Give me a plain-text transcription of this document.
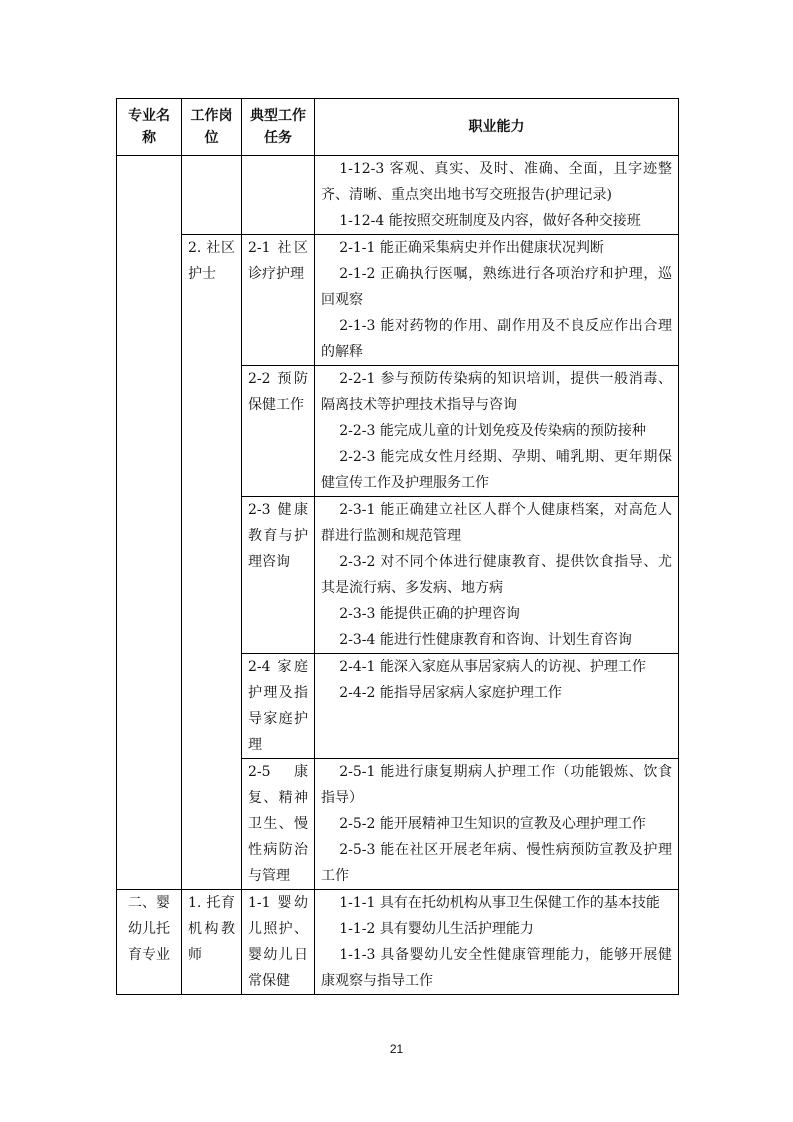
专业名称	工作岗位	典型工作任务	职业能力

			1-12-3 客观、真实、及时、准确、全面，且字迹整齐、清晰、重点突出地书写交班报告(护理记录)
1-12-4 能按照交班制度及内容，做好各种交接班

	2. 社区护士	2-1 社区诊疗护理	2-1-1 能正确采集病史并作出健康状况判断
2-1-2 正确执行医嘱，熟练进行各项治疗和护理，巡回观察
2-1-3 能对药物的作用、副作用及不良反应作出合理的解释

		2-2 预防保健工作	2-2-1 参与预防传染病的知识培训，提供一般消毒、隔离技术等护理技术指导与咨询
2-2-3 能完成儿童的计划免疫及传染病的预防接种
2-2-3 能完成女性月经期、孕期、哺乳期、更年期保健宣传工作及护理服务工作

		2-3 健康教育与护理咨询	2-3-1 能正确建立社区人群个人健康档案，对高危人群进行监测和规范管理
2-3-2 对不同个体进行健康教育、提供饮食指导、尤其是流行病、多发病、地方病
2-3-3 能提供正确的护理咨询
2-3-4 能进行性健康教育和咨询、计划生育咨询

		2-4 家庭护理及指导家庭护理	2-4-1 能深入家庭从事居家病人的访视、护理工作
2-4-2 能指导居家病人家庭护理工作

		2-5 康复、精神卫生、慢性病防治与管理	2-5-1 能进行康复期病人护理工作（功能锻炼、饮食指导）
2-5-2 能开展精神卫生知识的宣教及心理护理工作
2-5-3 能在社区开展老年病、慢性病预防宣教及护理工作

二、婴幼儿托育专业	1. 托育机构教师	1-1 婴幼儿照护、婴幼儿日常保健	1-1-1 具有在托幼机构从事卫生保健工作的基本技能
1-1-2 具有婴幼儿生活护理能力
1-1-3 具备婴幼儿安全性健康管理能力，能够开展健康观察与指导工作
21
